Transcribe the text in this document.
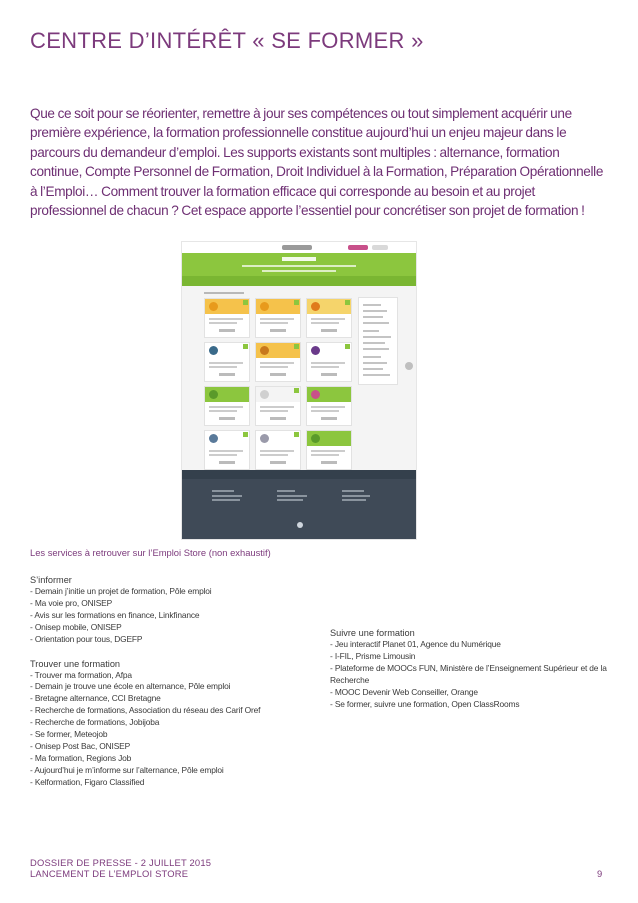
CENTRE D’INTÉRÊT « SE FORMER »

Que ce soit pour se réorienter, remettre à jour ses compétences ou tout simplement acquérir une première expérience, la formation professionnelle constitue aujourd’hui un enjeu majeur dans le parcours du demandeur d’emploi. Les supports existants sont multiples : alternance, formation continue, Compte Personnel de Formation, Droit Individuel à la Formation, Préparation Opérationnelle à l’Emploi… Comment trouver la formation efficace qui corresponde au besoin et au projet professionnel de chacun ? Cet espace apporte l’essentiel pour concrétiser son projet de formation !

Les services à retrouver sur l’Emploi Store (non exhaustif)

S’informer

- Demain j’initie un projet de formation, Pôle emploi
- Ma voie pro, ONISEP
- Avis sur les formations en finance, Linkfinance
- Onisep mobile, ONISEP
- Orientation pour tous, DGEFP

Trouver une formation

- Trouver ma formation, Afpa
- Demain je trouve une école en alternance, Pôle emploi
- Bretagne alternance, CCI Bretagne
- Recherche de formations, Association du réseau des Carif Oref
- Recherche de formations, Jobijoba
- Se former, Meteojob
- Onisep Post Bac, ONISEP
- Ma formation, Regions Job
- Aujourd’hui je m’informe sur l’alternance, Pôle emploi
- Kelformation, Figaro Classified

Suivre une formation

- Jeu interactif Planet 01, Agence du Numérique
- I-FIL, Prisme Limousin
- Plateforme de MOOCs FUN, Ministère de l’Enseignement Supérieur et de la Recherche
- MOOC Devenir Web Conseiller, Orange
- Se former, suivre une formation, Open ClassRooms

DOSSIER DE PRESSE - 2 JUILLET 2015

LANCEMENT DE L’EMPLOI STORE	9
